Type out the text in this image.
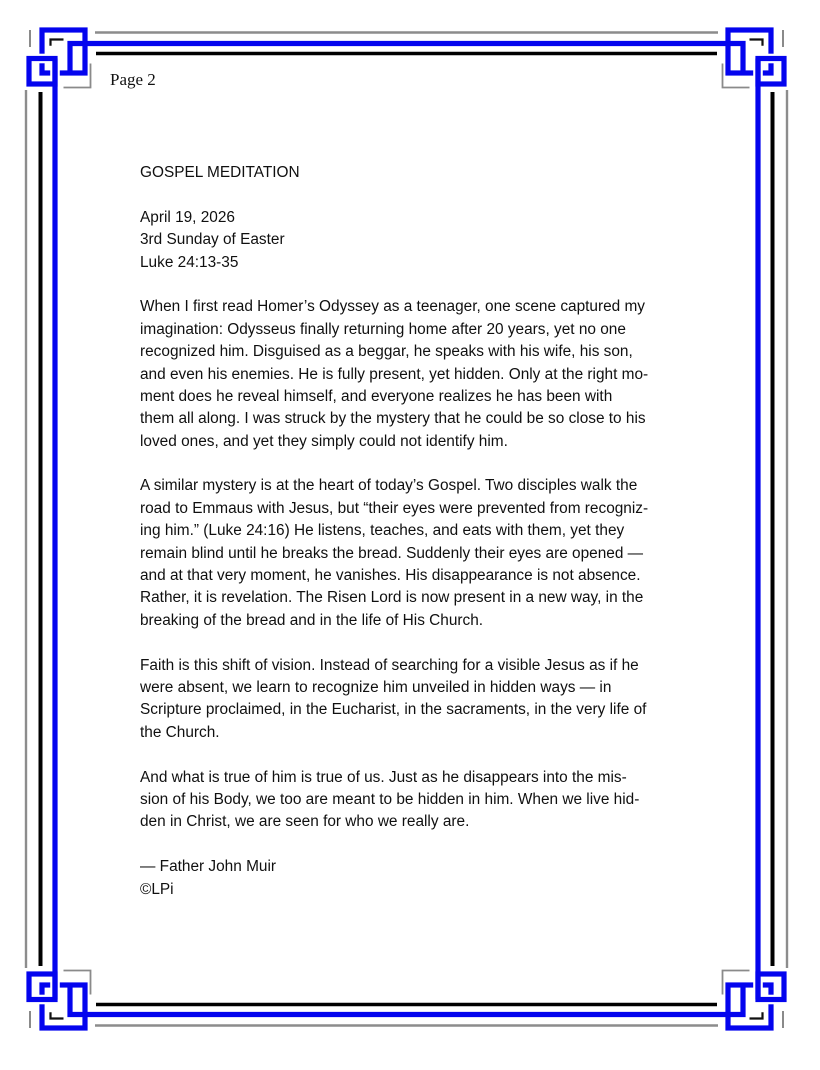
Page 2
GOSPEL MEDITATION
April 19, 2026
3rd Sunday of Easter
Luke 24:13-35
When I first read Homer’s Odyssey as a teenager, one scene captured my
imagination: Odysseus finally returning home after 20 years, yet no one
recognized him. Disguised as a beggar, he speaks with his wife, his son,
and even his enemies. He is fully present, yet hidden. Only at the right mo-
ment does he reveal himself, and everyone realizes he has been with
them all along. I was struck by the mystery that he could be so close to his
loved ones, and yet they simply could not identify him.
A similar mystery is at the heart of today’s Gospel. Two disciples walk the
road to Emmaus with Jesus, but “their eyes were prevented from recogniz-
ing him.” (Luke 24:16) He listens, teaches, and eats with them, yet they
remain blind until he breaks the bread. Suddenly their eyes are opened —
and at that very moment, he vanishes. His disappearance is not absence.
Rather, it is revelation. The Risen Lord is now present in a new way, in the
breaking of the bread and in the life of His Church.
Faith is this shift of vision. Instead of searching for a visible Jesus as if he
were absent, we learn to recognize him unveiled in hidden ways — in
Scripture proclaimed, in the Eucharist, in the sacraments, in the very life of
the Church.
And what is true of him is true of us. Just as he disappears into the mis-
sion of his Body, we too are meant to be hidden in him. When we live hid-
den in Christ, we are seen for who we really are.
— Father John Muir
©LPi
